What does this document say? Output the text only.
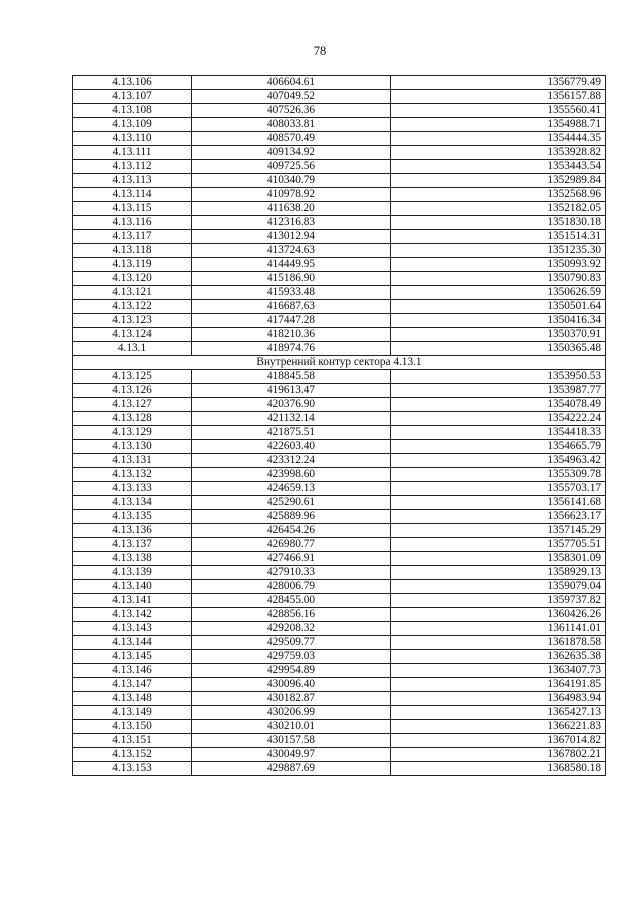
78
4.13.106	406604.61	1356779.49
4.13.107	407049.52	1356157.88
4.13.108	407526.36	1355560.41
4.13.109	408033.81	1354988.71
4.13.110	408570.49	1354444.35
4.13.111	409134.92	1353928.82
4.13.112	409725.56	1353443.54
4.13.113	410340.79	1352989.84
4.13.114	410978.92	1352568.96
4.13.115	411638.20	1352182.05
4.13.116	412316.83	1351830.18
4.13.117	413012.94	1351514.31
4.13.118	413724.63	1351235.30
4.13.119	414449.95	1350993.92
4.13.120	415186.90	1350790.83
4.13.121	415933.48	1350626.59
4.13.122	416687.63	1350501.64
4.13.123	417447.28	1350416.34
4.13.124	418210.36	1350370.91
4.13.1	418974.76	1350365.48
Внутренний контур сектора 4.13.1		
4.13.125	418845.58	1353950.53
4.13.126	419613.47	1353987.77
4.13.127	420376.90	1354078.49
4.13.128	421132.14	1354222.24
4.13.129	421875.51	1354418.33
4.13.130	422603.40	1354665.79
4.13.131	423312.24	1354963.42
4.13.132	423998.60	1355309.78
4.13.133	424659.13	1355703.17
4.13.134	425290.61	1356141.68
4.13.135	425889.96	1356623.17
4.13.136	426454.26	1357145.29
4.13.137	426980.77	1357705.51
4.13.138	427466.91	1358301.09
4.13.139	427910.33	1358929.13
4.13.140	428006.79	1359079.04
4.13.141	428455.00	1359737.82
4.13.142	428856.16	1360426.26
4.13.143	429208.32	1361141.01
4.13.144	429509.77	1361878.58
4.13.145	429759.03	1362635.38
4.13.146	429954.89	1363407.73
4.13.147	430096.40	1364191.85
4.13.148	430182.87	1364983.94
4.13.149	430206.99	1365427.13
4.13.150	430210.01	1366221.83
4.13.151	430157.58	1367014.82
4.13.152	430049.97	1367802.21
4.13.153	429887.69	1368580.18
